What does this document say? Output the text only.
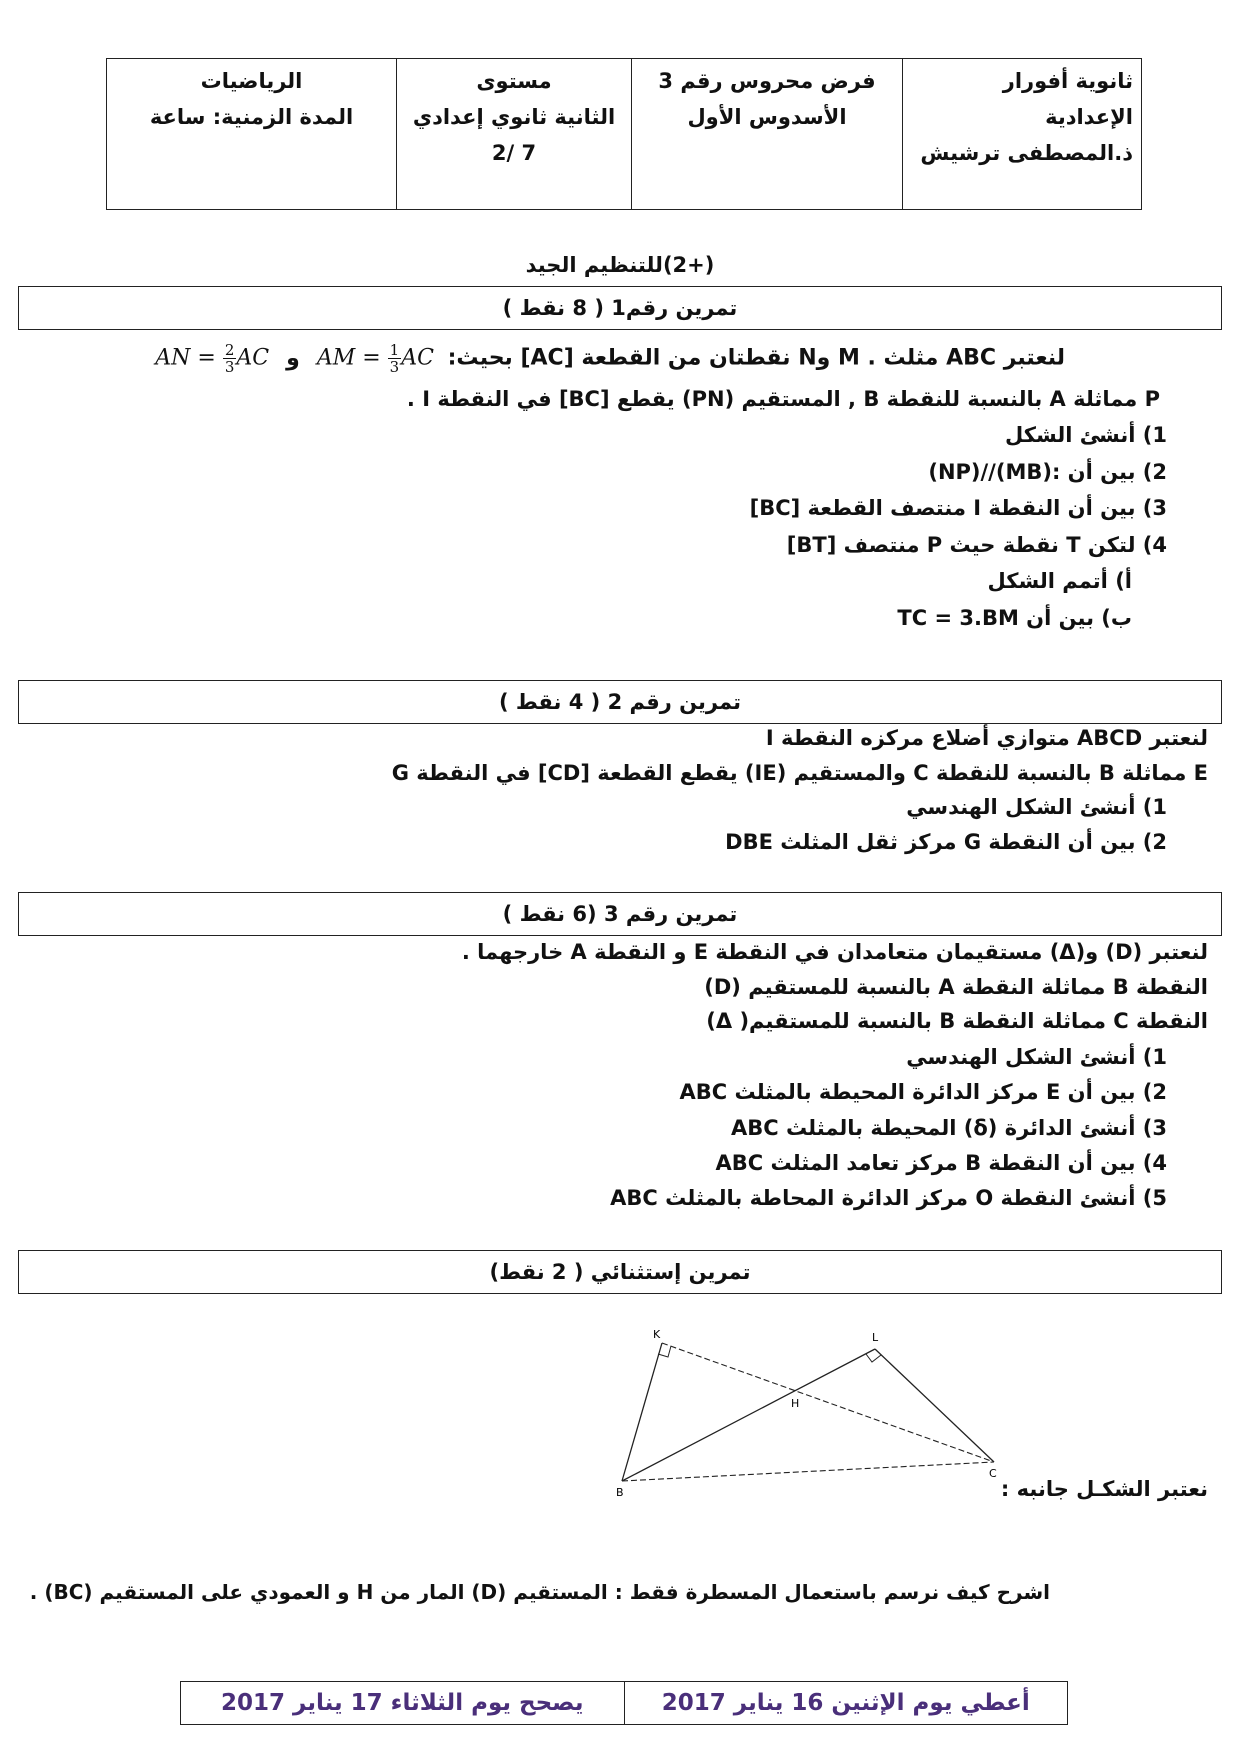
ثانوية أفورار الإعدادية
ذ.المصطفى ترشيش

فرض محروس رقم 3
الأسدوس الأول

مستوى
الثانية ثانوي إعدادي
2/ 7

الرياضيات
المدة الزمنية: ساعة
(+2)للتنظيم الجيد
تمرين رقم1 ( 8 نقط )
لنعتبر ABC مثلث . M وN نقطتان من القطعة [AC] بحيث: AN = $\frac{2}{3}$ AC و AM = $\frac{1}{3}$ AC
P مماثلة A بالنسبة للنقطة B , المستقيم (PN) يقطع [BC] في النقطة I .
1) أنشئ الشكل
2) بين أن :(MB)//(NP)
3) بين أن النقطة I منتصف القطعة [BC]
4) لتكن T نقطة حيث P منتصف [BT]
أ) أتمم الشكل
ب) بين أن TC = 3.BM
تمرين رقم 2 ( 4 نقط )
لنعتبر ABCD متوازي أضلاع مركزه النقطة I
E مماثلة B بالنسبة للنقطة C والمستقيم (IE) يقطع القطعة [CD] في النقطة G
1) أنشئ الشكل الهندسي
2) بين أن النقطة G مركز ثقل المثلث DBE
تمرين رقم 3 (6 نقط )
لنعتبر (D) و(Δ) مستقيمان متعامدان في النقطة E و النقطة A خارجهما .
النقطة B مماثلة النقطة A بالنسبة للمستقيم (D)
النقطة C مماثلة النقطة B بالنسبة للمستقيم( Δ)
1) أنشئ الشكل الهندسي
2) بين أن E مركز الدائرة المحيطة بالمثلث ABC
3) أنشئ الدائرة (δ) المحيطة بالمثلث ABC
4) بين أن النقطة B مركز تعامد المثلث ABC
5) أنشئ النقطة O مركز الدائرة المحاطة بالمثلث ABC
تمرين إستثنائي ( 2 نقط)
K	L
H
B
C
نعتبر الشكـل جانبه :
اشرح كيف نرسم باستعمال المسطرة فقط : المستقيم (D) المار من H و العمودي على المستقيم (BC) .
أعطي يوم الإثنين 16 يناير 2017	يصحح يوم الثلاثاء 17 يناير 2017
